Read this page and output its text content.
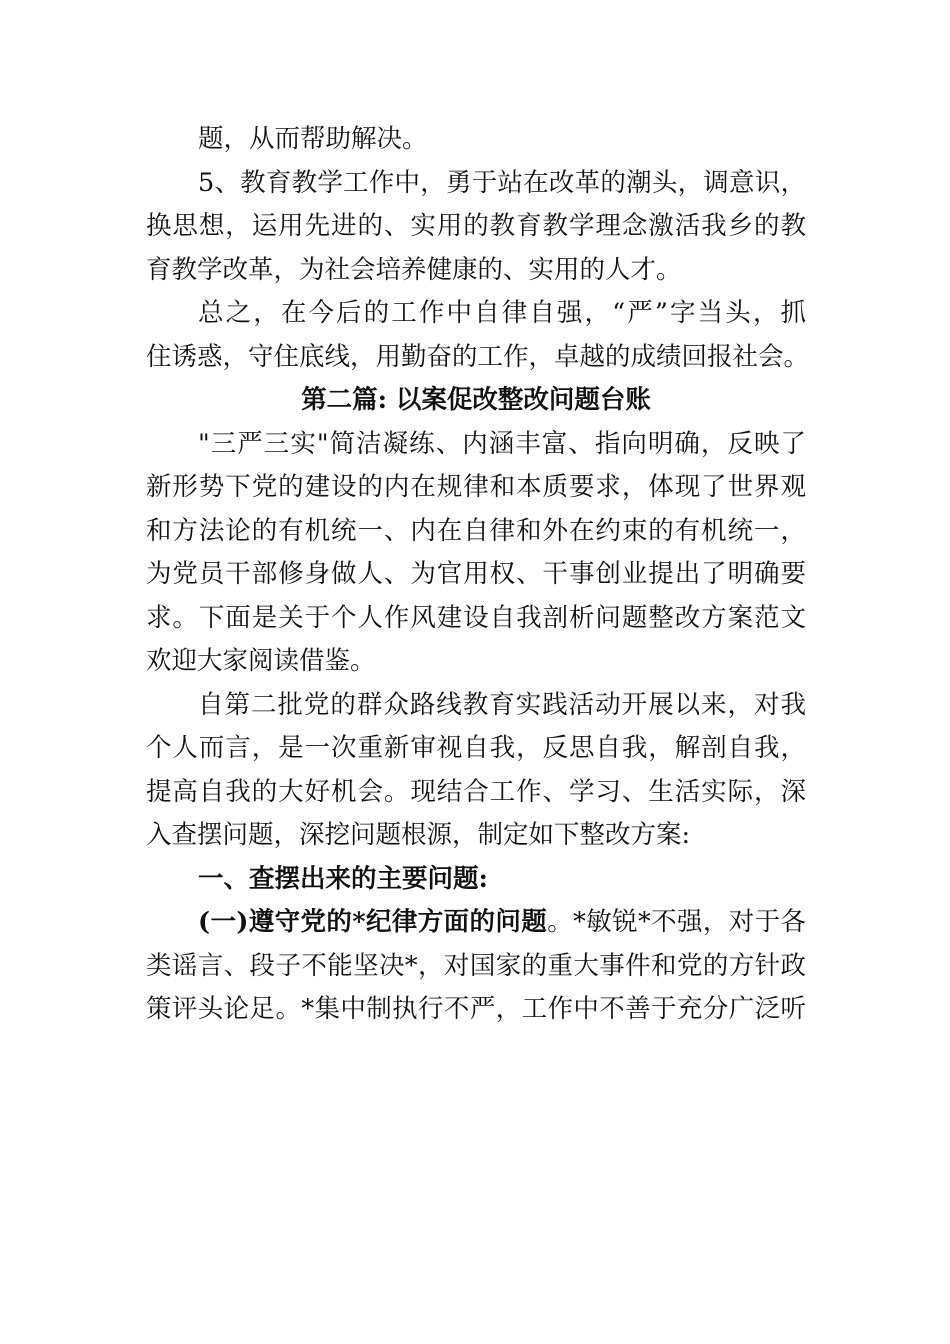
题，从而帮助解决。
5、教育教学工作中，勇于站在改革的潮头，调意识，
换思想，运用先进的、实用的教育教学理念激活我乡的教
育教学改革，为社会培养健康的、实用的人才。
总之，在今后的工作中自律自强，“严”字当头，抓
住诱惑，守住底线，用勤奋的工作，卓越的成绩回报社会。
第二篇: 以案促改整改问题台账
"三严三实"简洁凝练、内涵丰富、指向明确，反映了
新形势下党的建设的内在规律和本质要求，体现了世界观
和方法论的有机统一、内在自律和外在约束的有机统一，
为党员干部修身做人、为官用权、干事创业提出了明确要
求。下面是关于个人作风建设自我剖析问题整改方案范文
欢迎大家阅读借鉴。
自第二批党的群众路线教育实践活动开展以来，对我
个人而言，是一次重新审视自我，反思自我，解剖自我，
提高自我的大好机会。现结合工作、学习、生活实际，深
入查摆问题，深挖问题根源，制定如下整改方案:
一、查摆出来的主要问题:
(一)遵守党的*纪律方面的问题。*敏锐*不强，对于各
类谣言、段子不能坚决*，对国家的重大事件和党的方针政
策评头论足。*集中制执行不严，工作中不善于充分广泛听
